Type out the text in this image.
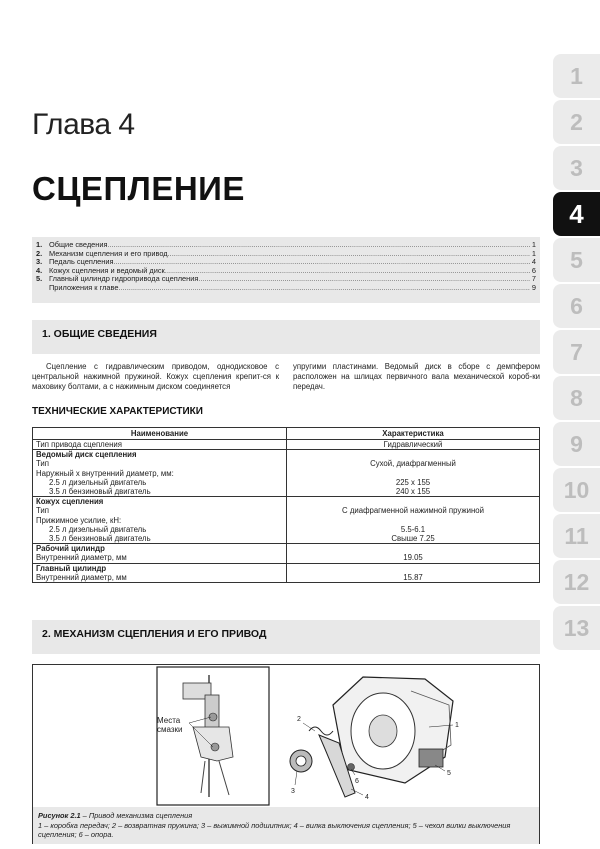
1
2
3
4
5
6
7
8
9
10
11
12
13
Глава 4
СЦЕПЛЕНИЕ
1. Общие сведения .....	1
2. Механизм сцепления и его привод .....	1
3. Педаль сцепления .....	4
4. Кожух сцепления и ведомый диск .....	6
5. Главный цилиндр гидропривода сцепления .....	7
Приложения к главе .....	9
1. ОБЩИЕ СВЕДЕНИЯ

Сцепление с гидравлическим приводом, однодисковое с центральной нажимной пружиной. Кожух сцепления крепит-ся к маховику болтами, а с нажимным диском соединяется

упругими пластинами. Ведомый диск в сборе с демпфером расположен на шлицах первичного вала механической короб-ки передач.

ТЕХНИЧЕСКИЕ ХАРАКТЕРИСТИКИ
Наименование	Характеристика
Тип привода сцепления	Гидравлический
Ведомый диск сцепления	
Тип	Сухой, диафрагменный
Наружный х внутренний диаметр, мм:	
2.5 л дизельный двигатель	225 х 155
3.5 л бензиновый двигатель	240 х 155
Кожух сцепления	
Тип	С диафрагменной нажимной пружиной
Прижимное усилие, кН:	
2.5 л дизельный двигатель	5.5-6.1
3.5 л бензиновый двигатель	Свыше 7.25
Рабочий цилиндр	
Внутренний диаметр, мм	19.05
Главный цилиндр	
Внутренний диаметр, мм	15.87
2. МЕХАНИЗМ СЦЕПЛЕНИЯ И ЕГО ПРИВОД
Места
смазки	1
2
3
4
5
6
Рисунок 2.1 – Привод механизма сцепления
1 – коробка передач; 2 – возвратная пружина; 3 – выжимной подшипник; 4 – вилка выключения сцепления; 5 – чехол вилки выключения сцепления; 6 – опора.
